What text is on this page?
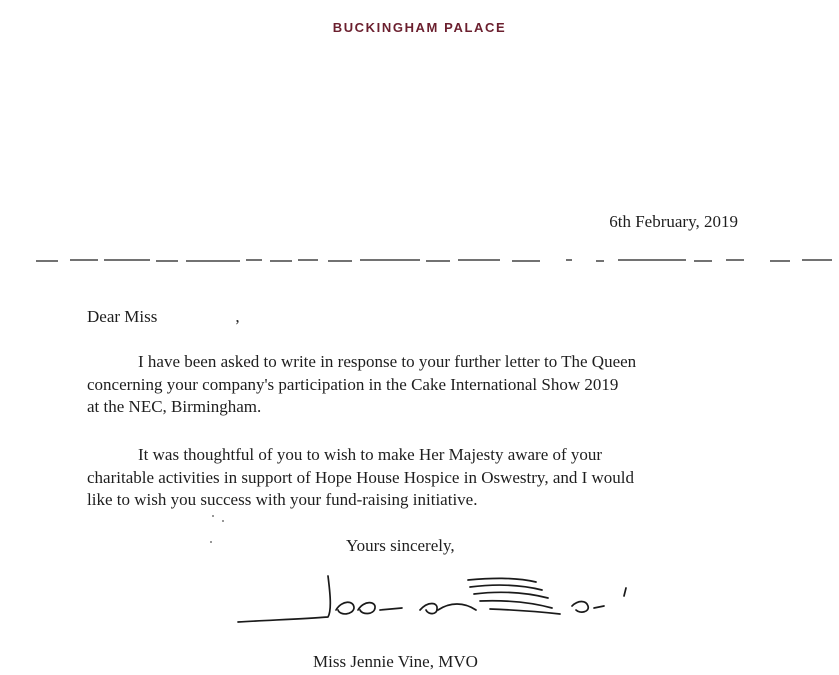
BUCKINGHAM PALACE
6th February, 2019
Dear Miss	,
I have been asked to write in response to your further letter to The Queen
concerning your company's participation in the Cake International Show 2019
at the NEC, Birmingham.
It was thoughtful of you to wish to make Her Majesty aware of your
charitable activities in support of Hope House Hospice in Oswestry, and I would
like to wish you success with your fund-raising initiative.
Yours sincerely,
Miss Jennie Vine, MVO
